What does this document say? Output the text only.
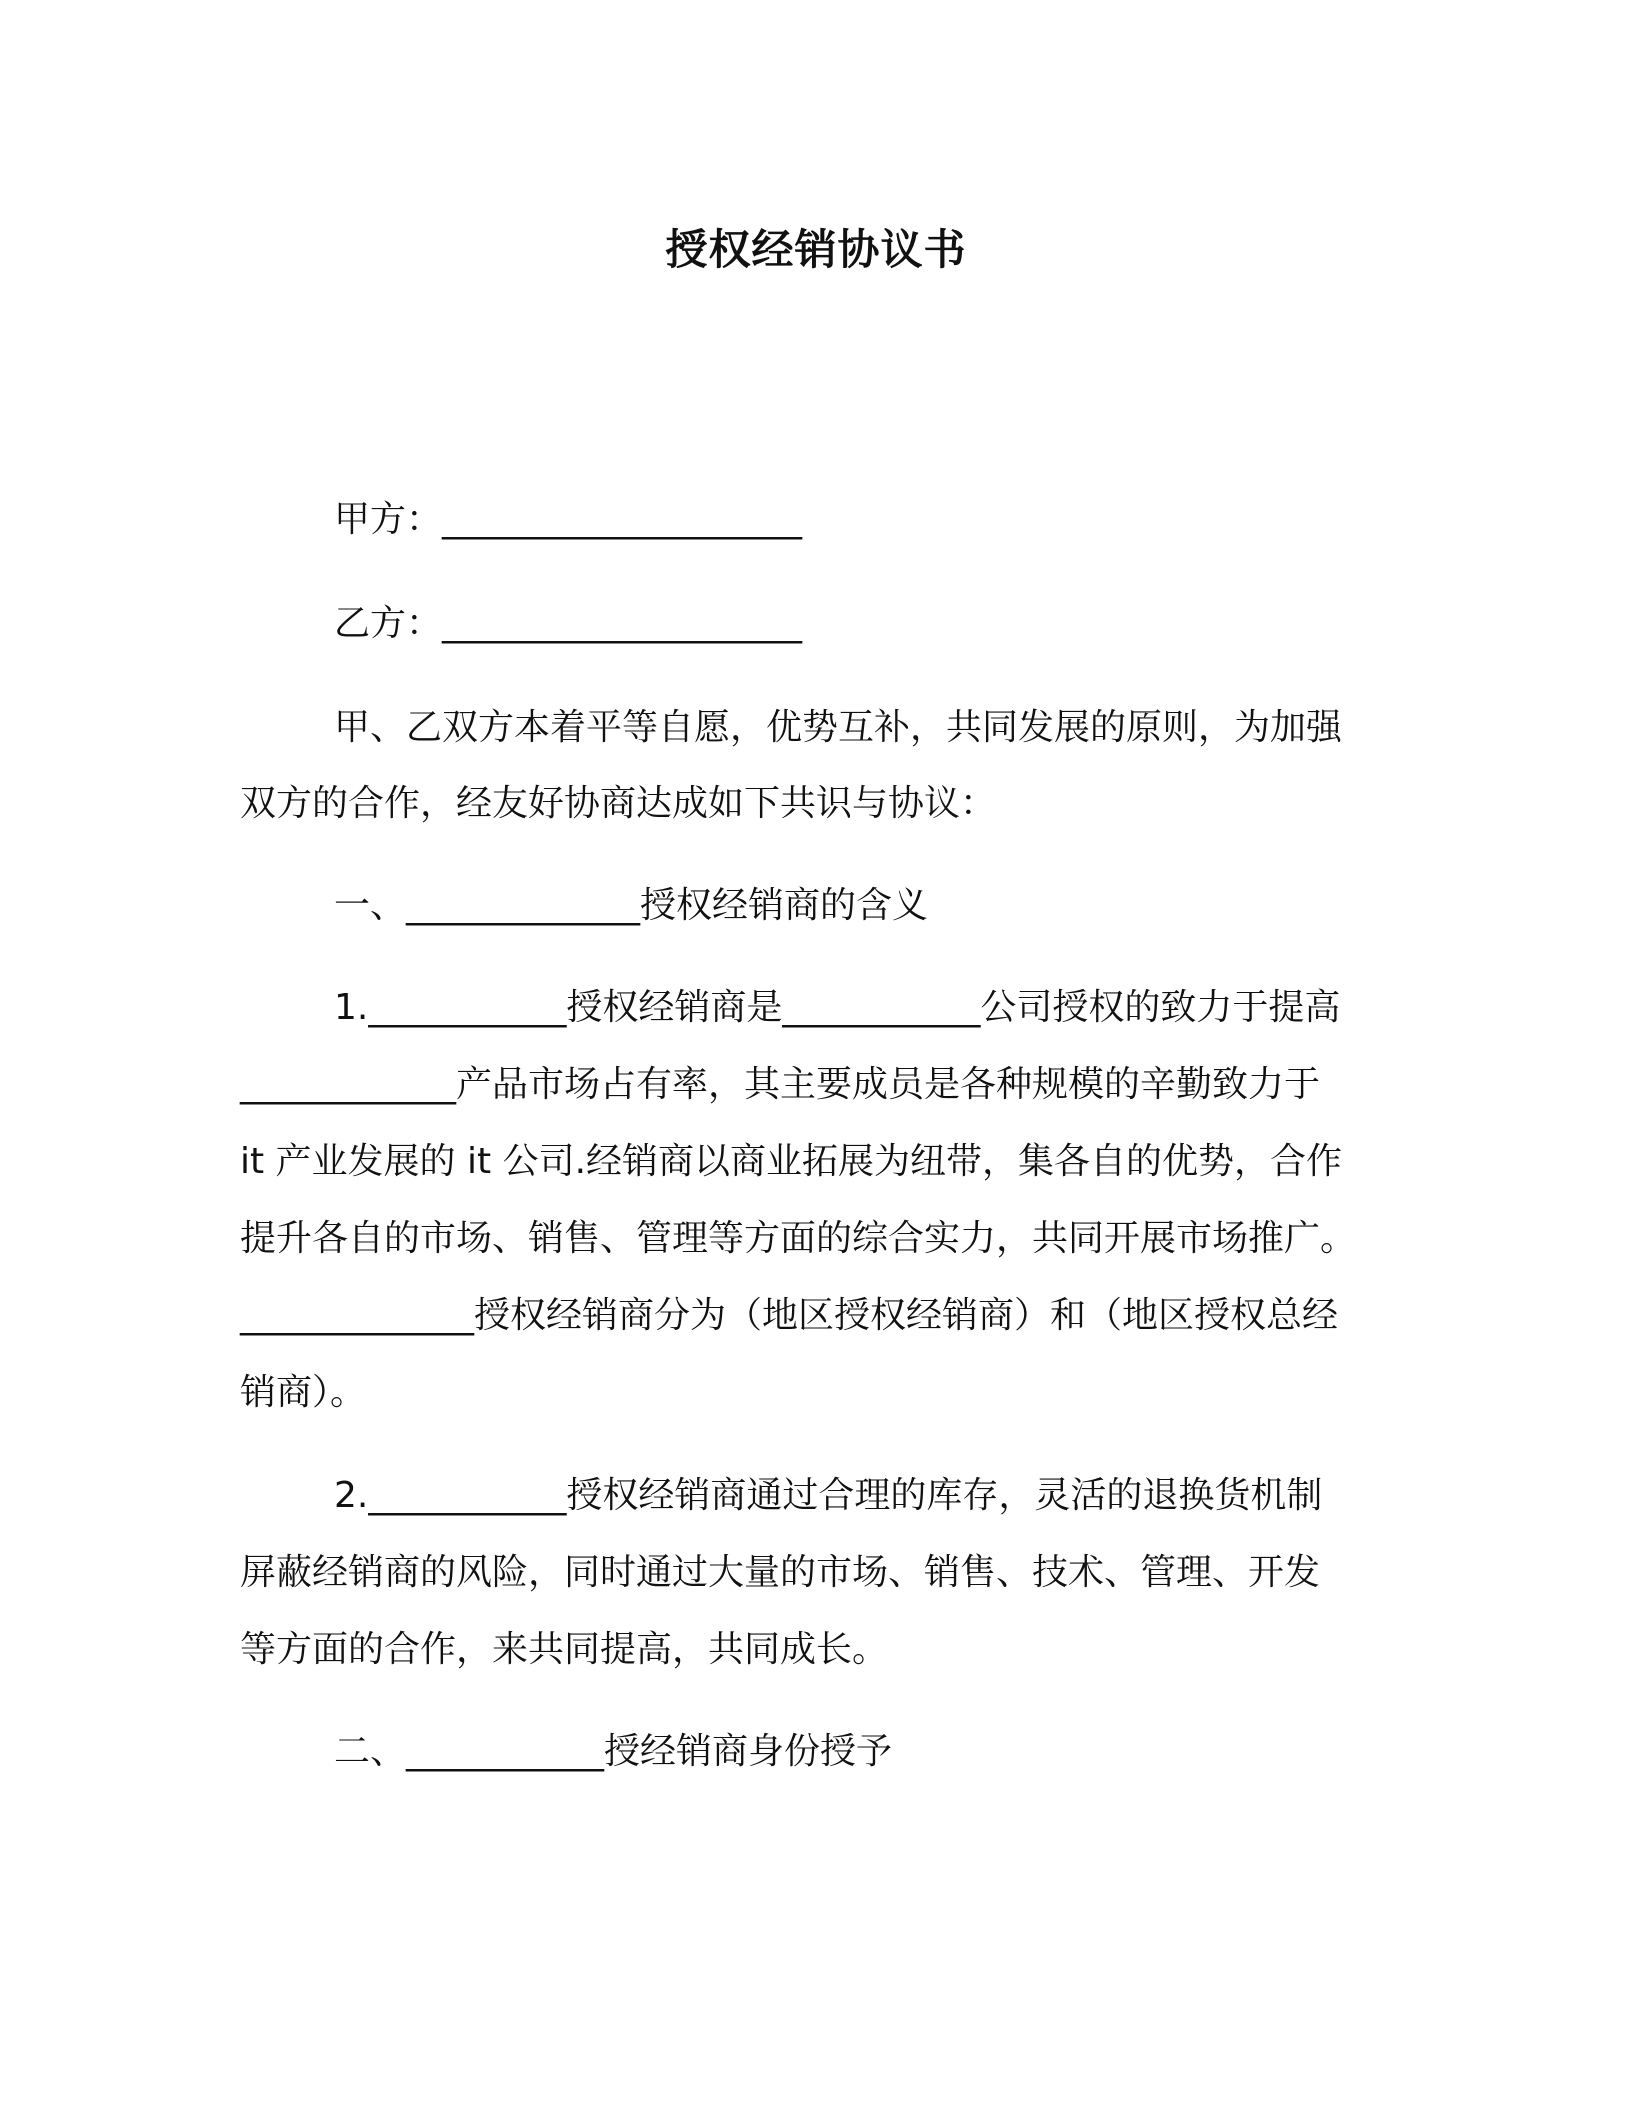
授权经销协议书
甲方：____________________
乙方：____________________
甲、乙双方本着平等自愿，优势互补，共同发展的原则，为加强
双方的合作，经友好协商达成如下共识与协议：
一、_____________授权经销商的含义
1.___________授权经销商是___________公司授权的致力于提高
____________产品市场占有率，其主要成员是各种规模的辛勤致力于
it 产业发展的 it 公司.经销商以商业拓展为纽带，集各自的优势，合作
提升各自的市场、销售、管理等方面的综合实力，共同开展市场推广。
_____________授权经销商分为（地区授权经销商）和（地区授权总经
销商）。
2.___________授权经销商通过合理的库存，灵活的退换货机制
屏蔽经销商的风险，同时通过大量的市场、销售、技术、管理、开发
等方面的合作，来共同提高，共同成长。
二、___________授经销商身份授予
